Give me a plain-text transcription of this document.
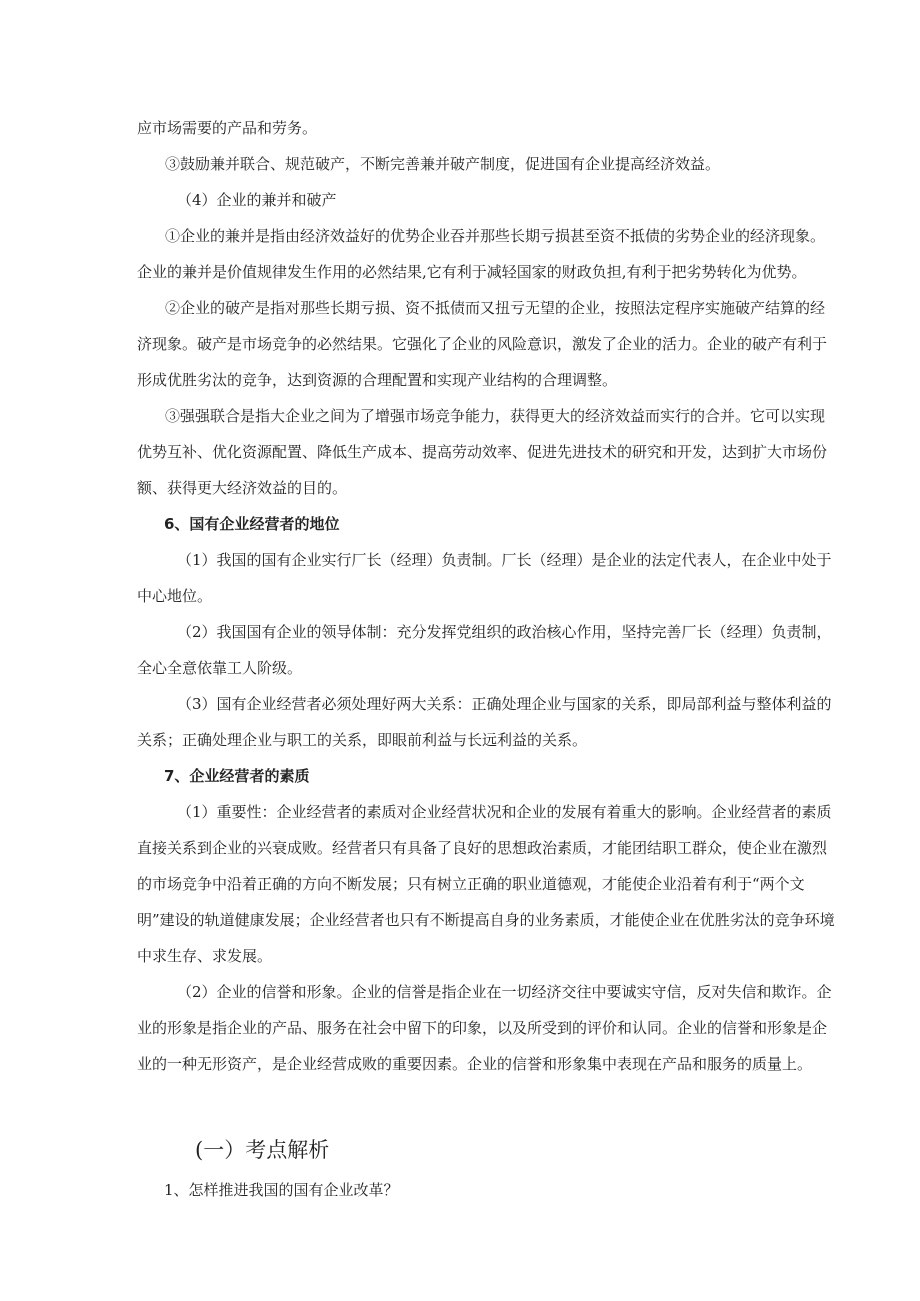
应市场需要的产品和劳务。

③鼓励兼并联合、规范破产，不断完善兼并破产制度，促进国有企业提高经济效益。

（4）企业的兼并和破产

①企业的兼并是指由经济效益好的优势企业吞并那些长期亏损甚至资不抵债的劣势企业的经济现象。企业的兼并是价值规律发生作用的必然结果,它有利于减轻国家的财政负担,有利于把劣势转化为优势。

②企业的破产是指对那些长期亏损、资不抵债而又扭亏无望的企业，按照法定程序实施破产结算的经济现象。破产是市场竞争的必然结果。它强化了企业的风险意识，激发了企业的活力。企业的破产有利于形成优胜劣汰的竞争，达到资源的合理配置和实现产业结构的合理调整。

③强强联合是指大企业之间为了增强市场竞争能力，获得更大的经济效益而实行的合并。它可以实现优势互补、优化资源配置、降低生产成本、提高劳动效率、促进先进技术的研究和开发，达到扩大市场份额、获得更大经济效益的目的。

6、国有企业经营者的地位

（1）我国的国有企业实行厂长（经理）负责制。厂长（经理）是企业的法定代表人，在企业中处于中心地位。

（2）我国国有企业的领导体制：充分发挥党组织的政治核心作用，坚持完善厂长（经理）负责制，全心全意依靠工人阶级。

（3）国有企业经营者必须处理好两大关系：正确处理企业与国家的关系，即局部利益与整体利益的关系；正确处理企业与职工的关系，即眼前利益与长远利益的关系。

7、企业经营者的素质

（1）重要性：企业经营者的素质对企业经营状况和企业的发展有着重大的影响。企业经营者的素质直接关系到企业的兴衰成败。经营者只有具备了良好的思想政治素质，才能团结职工群众，使企业在激烈的市场竞争中沿着正确的方向不断发展；只有树立正确的职业道德观，才能使企业沿着有利于“两个文明”建设的轨道健康发展；企业经营者也只有不断提高自身的业务素质，才能使企业在优胜劣汰的竞争环境中求生存、求发展。

（2）企业的信誉和形象。企业的信誉是指企业在一切经济交往中要诚实守信，反对失信和欺诈。企业的形象是指企业的产品、服务在社会中留下的印象，以及所受到的评价和认同。企业的信誉和形象是企业的一种无形资产，是企业经营成败的重要因素。企业的信誉和形象集中表现在产品和服务的质量上。

(一）考点解析

1、怎样推进我国的国有企业改革？
